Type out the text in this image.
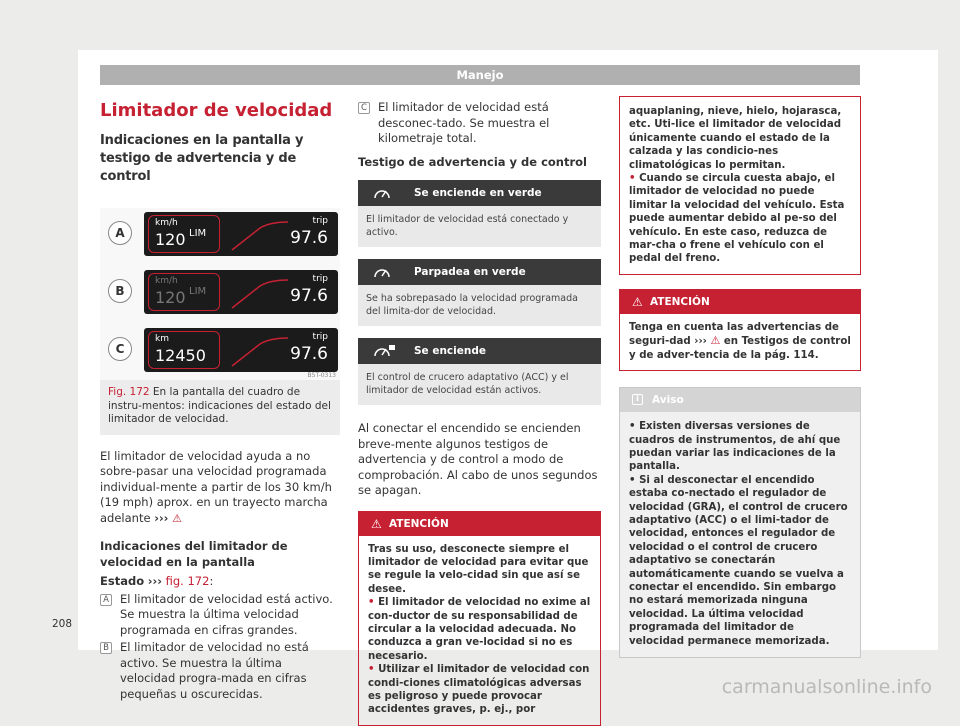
Manejo
Limitador de velocidad
Indicaciones en la pantalla y testigo de advertencia y de control
A
km/h
120 LIM
trip
97.6
B
km/h
120 LIM
trip
97.6
C
km
12450
trip
97.6
B5T-0313
Fig. 172 En la pantalla del cuadro de instru-mentos: indicaciones del estado del limitador de velocidad.
El limitador de velocidad ayuda a no sobre-pasar una velocidad programada individual-mente a partir de los 30 km/h (19 mph) aprox. en un trayecto marcha adelante ››› ⚠
Indicaciones del limitador de velocidad en la pantalla
Estado ››› fig. 172:
A El limitador de velocidad está activo. Se muestra la última velocidad programada en cifras grandes.
B El limitador de velocidad no está activo. Se muestra la última velocidad progra-mada en cifras pequeñas u oscurecidas.
C El limitador de velocidad está desconec-tado. Se muestra el kilometraje total.
Testigo de advertencia y de control
Se enciende en verde
El limitador de velocidad está conectado y activo.
Parpadea en verde
Se ha sobrepasado la velocidad programada del limita-dor de velocidad.
Se enciende
El control de crucero adaptativo (ACC) y el limitador de velocidad están activos.
Al conectar el encendido se encienden breve-mente algunos testigos de advertencia y de control a modo de comprobación. Al cabo de unos segundos se apagan.
⚠ ATENCIÓN
Tras su uso, desconecte siempre el limitador de velocidad para evitar que se regule la velo-cidad sin que así se desee.
• El limitador de velocidad no exime al con-ductor de su responsabilidad de circular a la velocidad adecuada. No conduzca a gran ve-locidad si no es necesario.
• Utilizar el limitador de velocidad con condi-ciones climatológicas adversas es peligroso y puede provocar accidentes graves, p. ej., por
aquaplaning, nieve, hielo, hojarasca, etc. Uti-lice el limitador de velocidad únicamente cuando el estado de la calzada y las condicio-nes climatológicas lo permitan.
• Cuando se circula cuesta abajo, el limitador de velocidad no puede limitar la velocidad del vehículo. Esta puede aumentar debido al pe-so del vehículo. En este caso, reduzca de mar-cha o frene el vehículo con el pedal del freno.
⚠ ATENCIÓN
Tenga en cuenta las advertencias de seguri-dad ››› ⚠ en Testigos de control y de adver-tencia de la pág. 114.
i	Aviso
• Existen diversas versiones de cuadros de instrumentos, de ahí que puedan variar las indicaciones de la pantalla.
• Si al desconectar el encendido estaba co-nectado el regulador de velocidad (GRA), el control de crucero adaptativo (ACC) o el limi-tador de velocidad, entonces el regulador de velocidad o el control de crucero adaptativo se conectarán automáticamente cuando se vuelva a conectar el encendido. Sin embargo no estará memorizada ninguna velocidad. La última velocidad programada del limitador de velocidad permanece memorizada.
208
carmanualsonline.info
